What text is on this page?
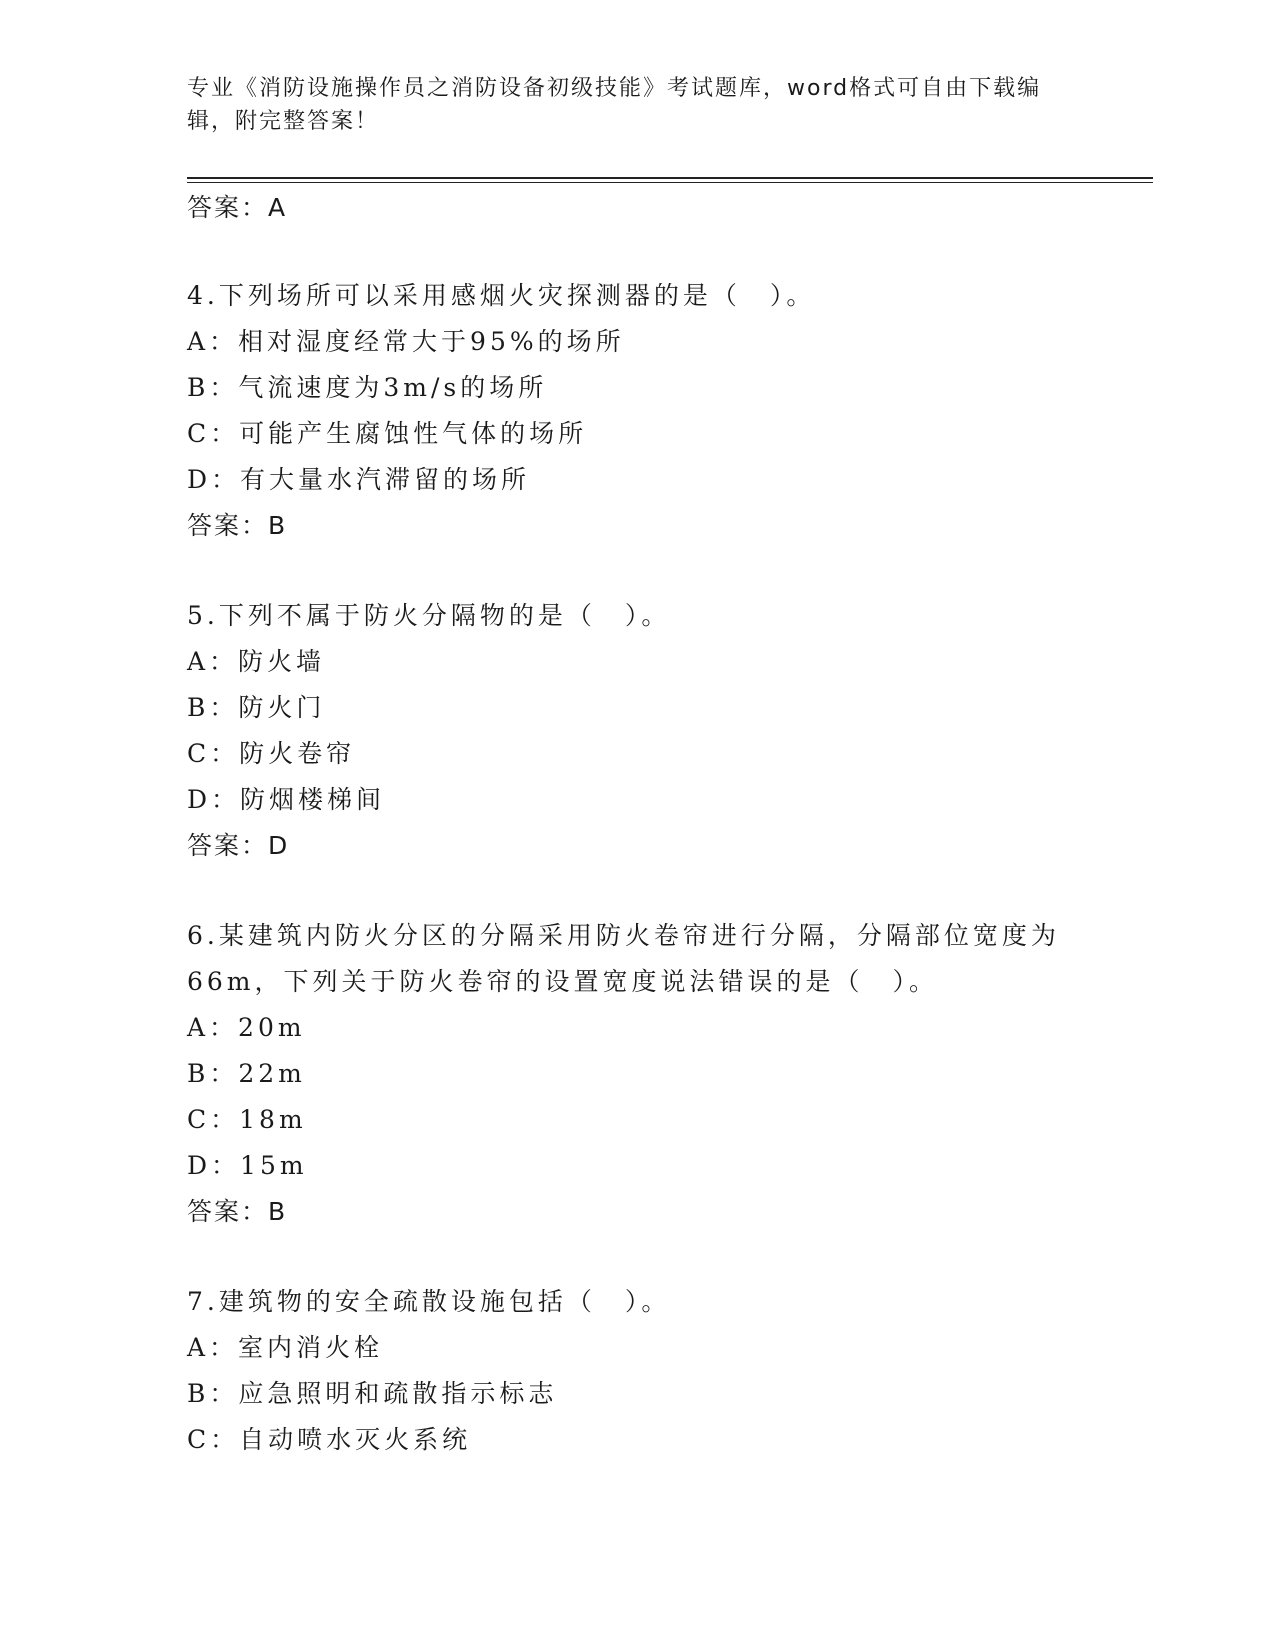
专业《消防设施操作员之消防设备初级技能》考试题库，word格式可自由下载编辑，附完整答案！
答案：A
4.下列场所可以采用感烟火灾探测器的是（　）。
A：相对湿度经常大于95%的场所
B：气流速度为3m/s的场所
C：可能产生腐蚀性气体的场所
D：有大量水汽滞留的场所
答案：B
5.下列不属于防火分隔物的是（　）。
A：防火墙
B：防火门
C：防火卷帘
D：防烟楼梯间
答案：D
6.某建筑内防火分区的分隔采用防火卷帘进行分隔，分隔部位宽度为
66m，下列关于防火卷帘的设置宽度说法错误的是（　）。
A：20m
B：22m
C：18m
D：15m
答案：B
7.建筑物的安全疏散设施包括（　）。
A：室内消火栓
B：应急照明和疏散指示标志
C：自动喷水灭火系统
